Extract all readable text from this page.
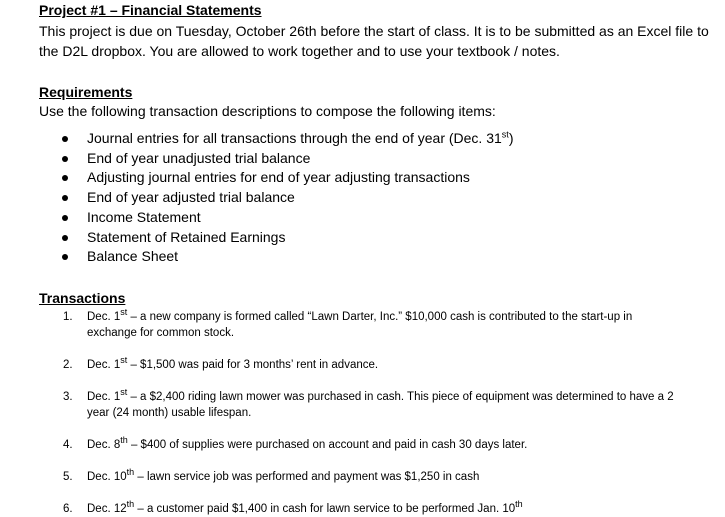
Project #1 – Financial Statements

This project is due on Tuesday, October 26th before the start of class. It is to be submitted as an Excel file to the D2L dropbox. You are allowed to work together and to use your textbook / notes.

Requirements

Use the following transaction descriptions to compose the following items:

Journal entries for all transactions through the end of year (Dec. 31st)
End of year unadjusted trial balance
Adjusting journal entries for end of year adjusting transactions
End of year adjusted trial balance
Income Statement
Statement of Retained Earnings
Balance Sheet

Transactions

1. Dec. 1st – a new company is formed called “Lawn Darter, Inc.” $10,000 cash is contributed to the start-up in exchange for common stock.
2. Dec. 1st – $1,500 was paid for 3 months’ rent in advance.
3. Dec. 1st – a $2,400 riding lawn mower was purchased in cash. This piece of equipment was determined to have a 2 year (24 month) usable lifespan.
4. Dec. 8th – $400 of supplies were purchased on account and paid in cash 30 days later.
5. Dec. 10th – lawn service job was performed and payment was $1,250 in cash
6. Dec. 12th – a customer paid $1,400 in cash for lawn service to be performed Jan. 10th
